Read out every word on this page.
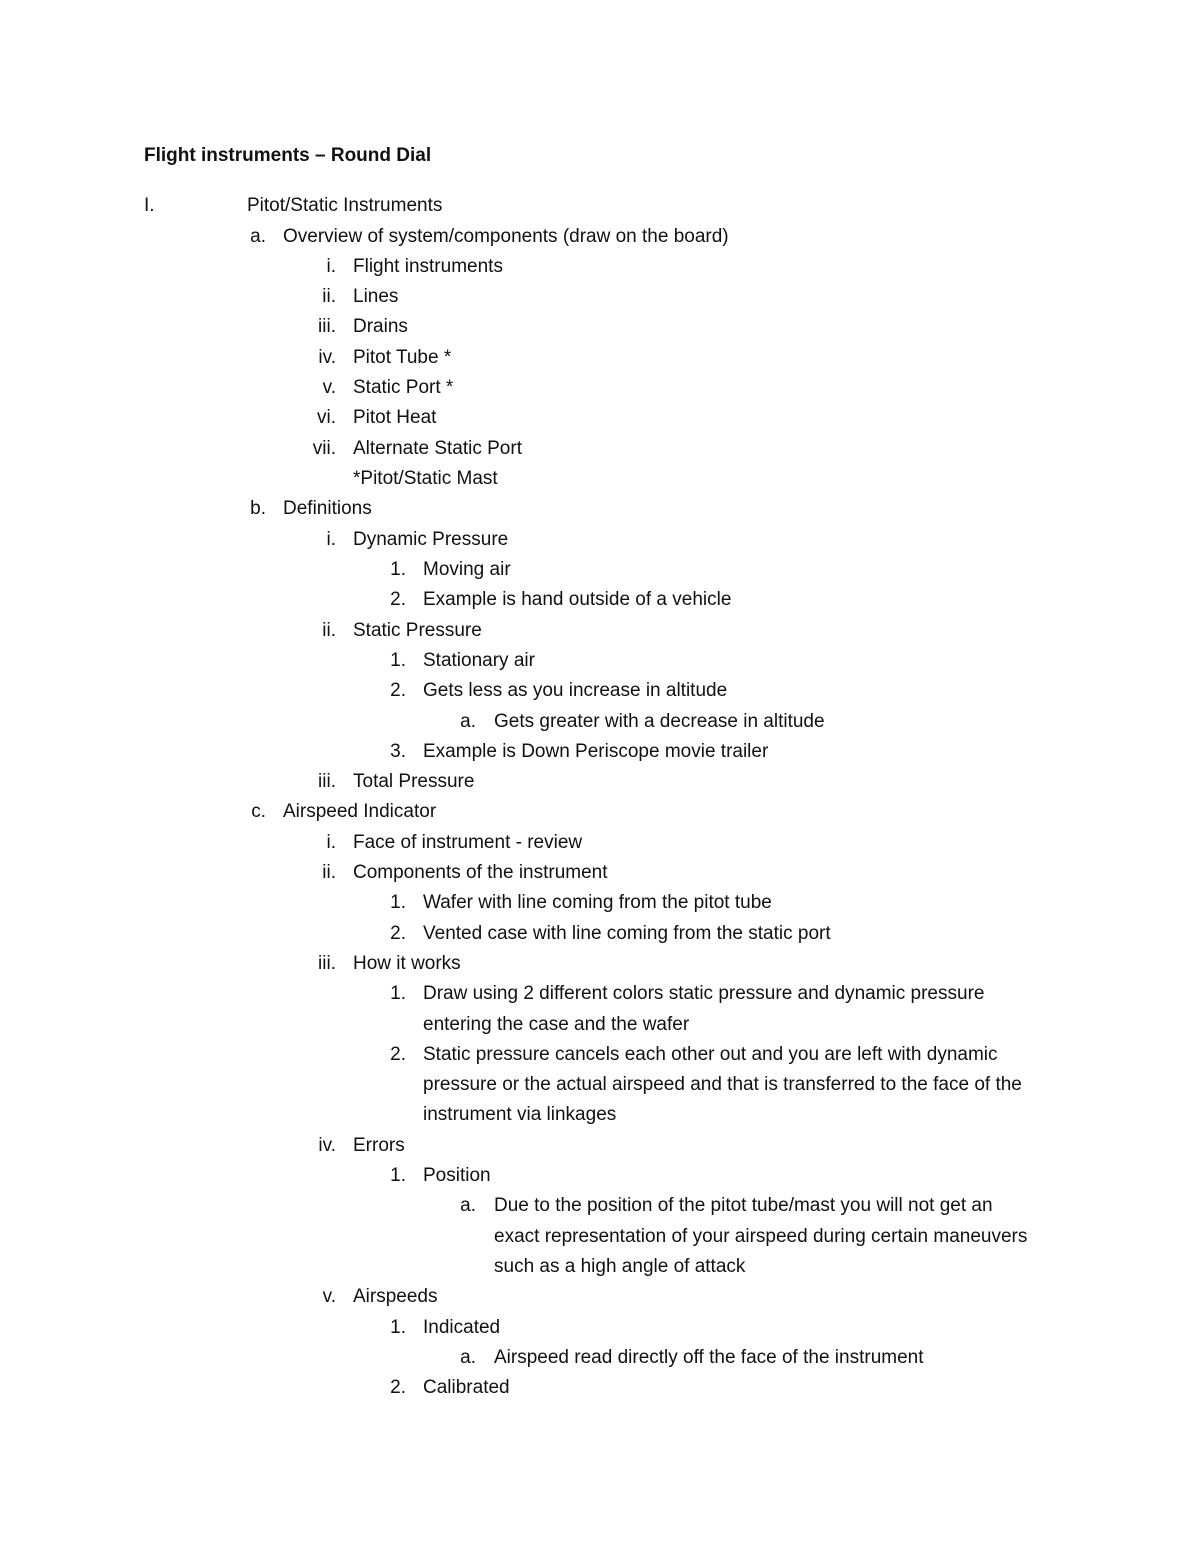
Flight instruments – Round Dial
I.	Pitot/Static Instruments
a. Overview of system/components (draw on the board)
i. Flight instruments
ii. Lines
iii. Drains
iv. Pitot Tube *
v. Static Port *
vi. Pitot Heat
vii. Alternate Static Port
*Pitot/Static Mast
b. Definitions
i. Dynamic Pressure
1. Moving air
2. Example is hand outside of a vehicle
ii. Static Pressure
1. Stationary air
2. Gets less as you increase in altitude
a. Gets greater with a decrease in altitude
3. Example is Down Periscope movie trailer
iii. Total Pressure
c. Airspeed Indicator
i. Face of instrument - review
ii. Components of the instrument
1. Wafer with line coming from the pitot tube
2. Vented case with line coming from the static port
iii. How it works
1. Draw using 2 different colors static pressure and dynamic pressure
entering the case and the wafer
2. Static pressure cancels each other out and you are left with dynamic
pressure or the actual airspeed and that is transferred to the face of the
instrument via linkages
iv. Errors
1. Position
a. Due to the position of the pitot tube/mast you will not get an
exact representation of your airspeed during certain maneuvers
such as a high angle of attack
v. Airspeeds
1. Indicated
a. Airspeed read directly off the face of the instrument
2. Calibrated
